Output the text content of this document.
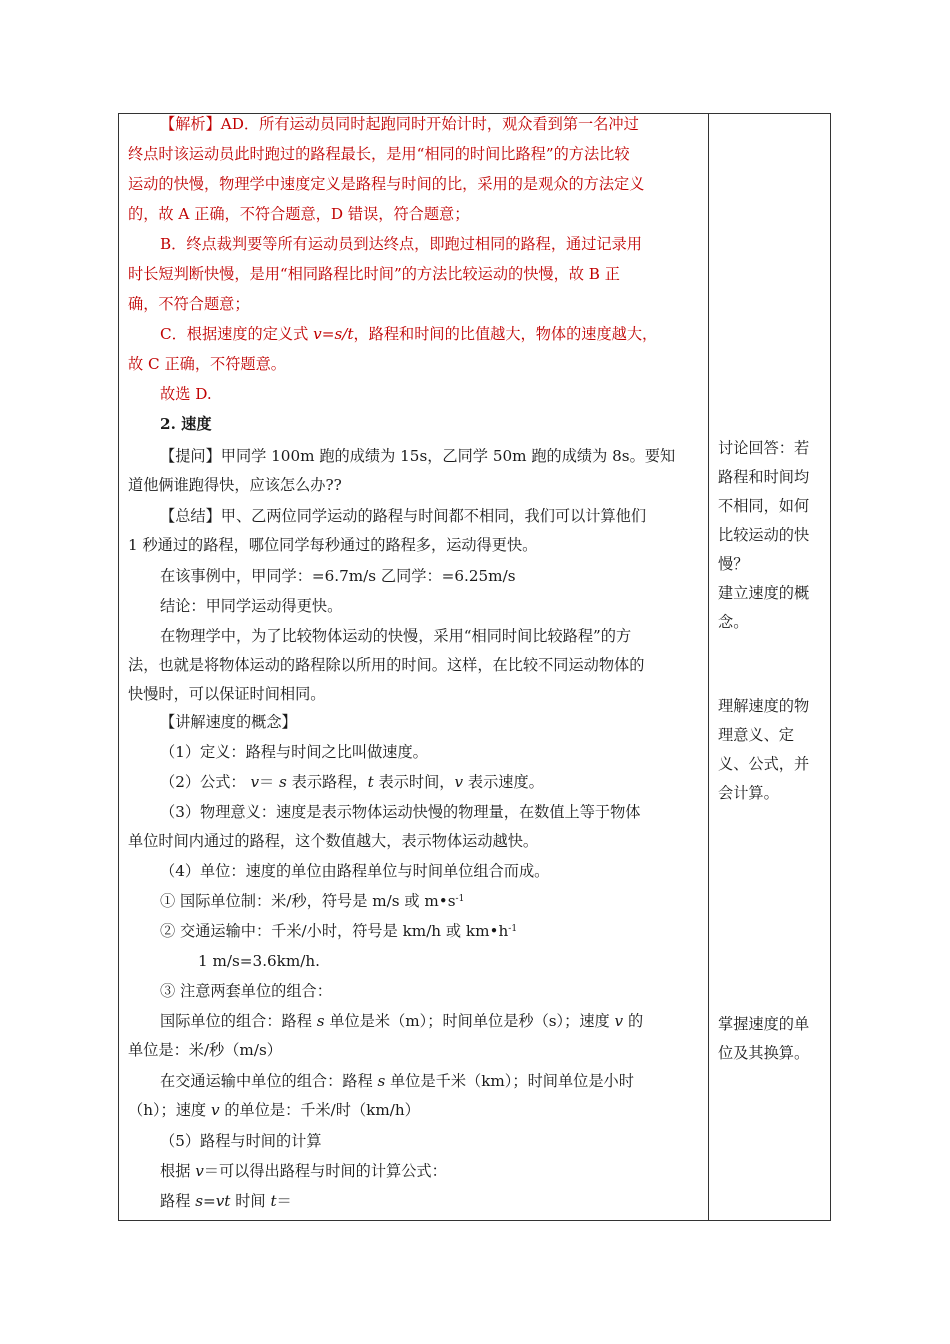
【解析】AD．所有运动员同时起跑同时开始计时，观众看到第一名冲过
终点时该运动员此时跑过的路程最长，是用“相同的时间比路程”的方法比较
运动的快慢，物理学中速度定义是路程与时间的比，采用的是观众的方法定义
的，故 A 正确，不符合题意，D 错误，符合题意；
B．终点裁判要等所有运动员到达终点，即跑过相同的路程，通过记录用
时长短判断快慢，是用“相同路程比时间”的方法比较运动的快慢，故 B 正
确，不符合题意；
C．根据速度的定义式 v=s/t，路程和时间的比值越大，物体的速度越大，
故 C 正确，不符题意。
故选 D.
2. 速度
【提问】甲同学 100m 跑的成绩为 15s，乙同学 50m 跑的成绩为 8s。要知
道他俩谁跑得快，应该怎么办??
【总结】甲、乙两位同学运动的路程与时间都不相同，我们可以计算他们
1 秒通过的路程，哪位同学每秒通过的路程多，运动得更快。
在该事例中，甲同学：=6.7m/s 乙同学：=6.25m/s
结论：甲同学运动得更快。
在物理学中，为了比较物体运动的快慢，采用“相同时间比较路程”的方
法，也就是将物体运动的路程除以所用的时间。这样，在比较不同运动物体的
快慢时，可以保证时间相同。
【讲解速度的概念】
（1）定义：路程与时间之比叫做速度。
（2）公式： v＝ s 表示路程，t 表示时间，v 表示速度。
（3）物理意义：速度是表示物体运动快慢的物理量，在数值上等于物体
单位时间内通过的路程，这个数值越大，表示物体运动越快。
（4）单位：速度的单位由路程单位与时间单位组合而成。
① 国际单位制：米/秒，符号是 m/s 或 $m•s^{-1}$
② 交通运输中：千米/小时，符号是 km/h 或 $km•h^{-1}$
1 m/s=3.6km/h.
③ 注意两套单位的组合：
国际单位的组合：路程 s 单位是米（m）；时间单位是秒（s）；速度 v 的
单位是：米/秒（m/s）
在交通运输中单位的组合：路程 s 单位是千米（km）；时间单位是小时
（h）；速度 v 的单位是：千米/时（km/h）
（5）路程与时间的计算
根据 v＝可以得出路程与时间的计算公式：
路程 s=vt 时间 t＝
讨论回答：若
路程和时间均
不相同，如何
比较运动的快
慢？
建立速度的概
念。
理解速度的物
理意义、定
义、公式，并
会计算。
掌握速度的单
位及其换算。
